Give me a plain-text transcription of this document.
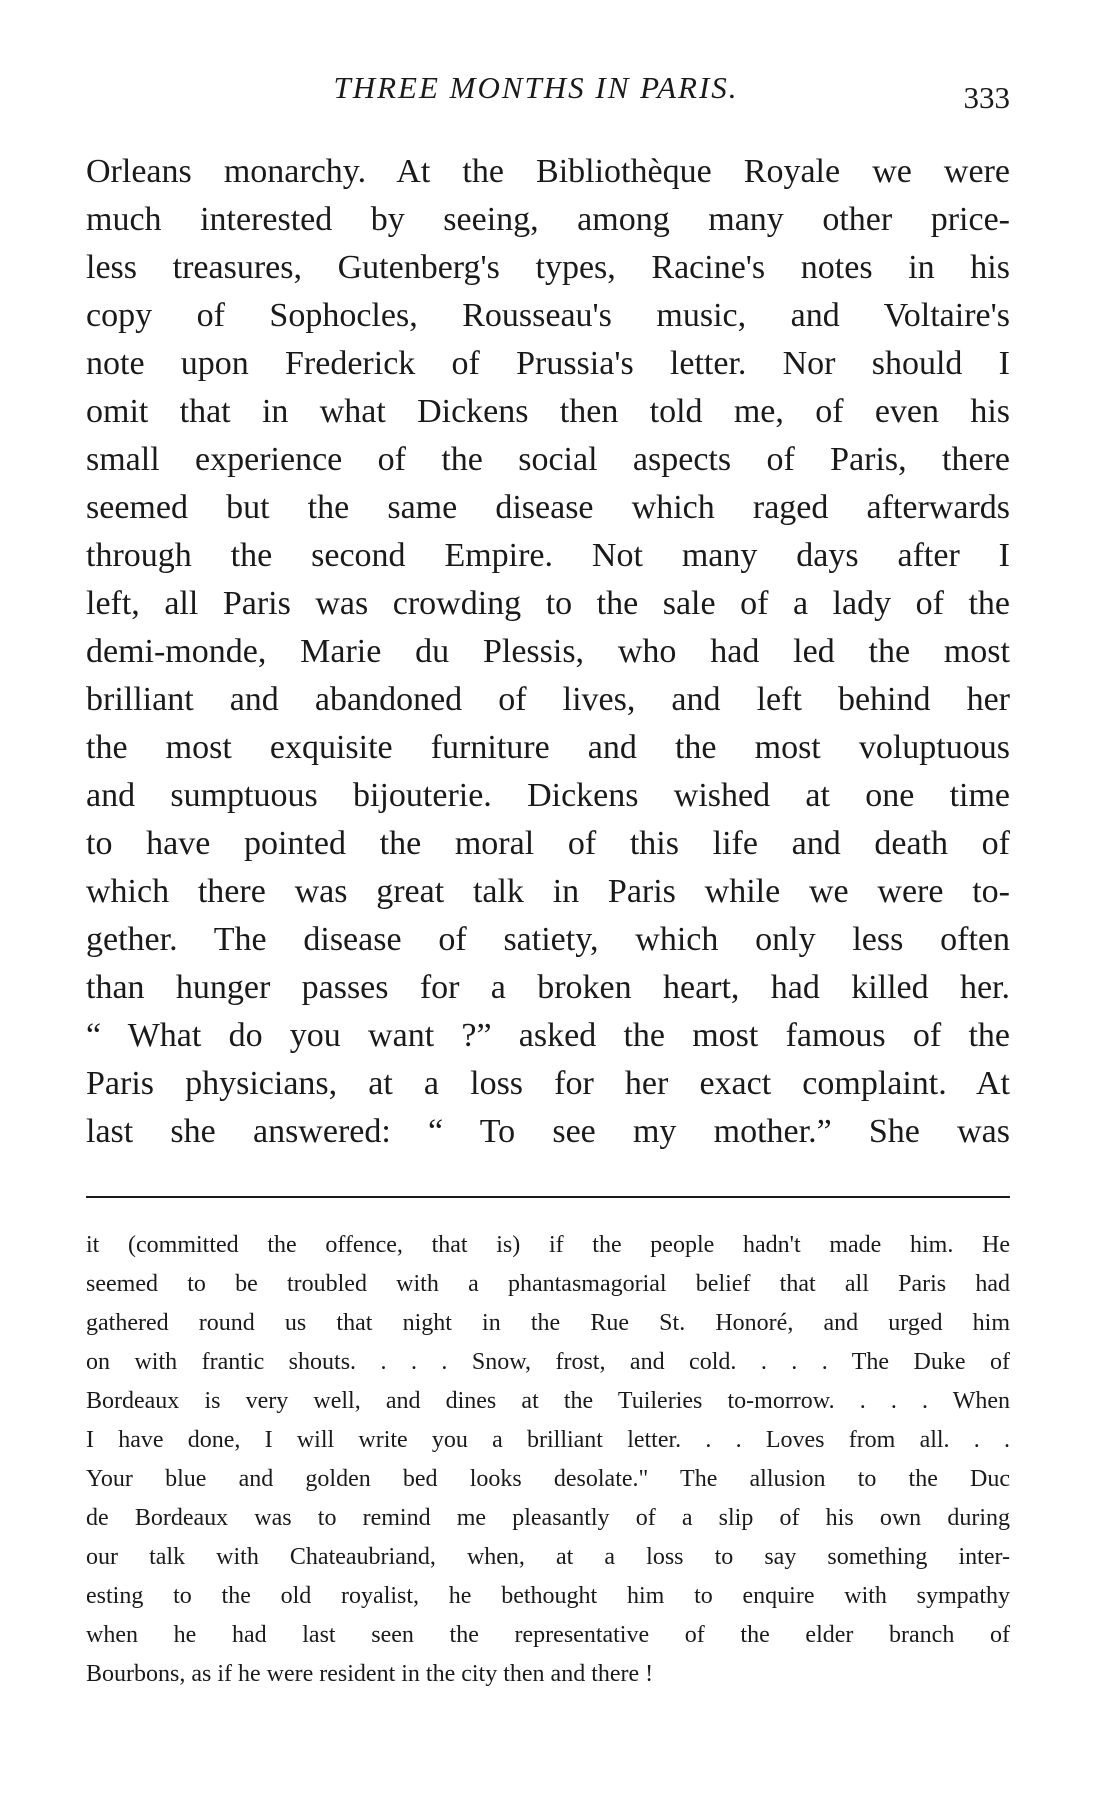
THREE MONTHS IN PARIS.	333
Orleans monarchy. At the Bibliothèque Royale we were
much interested by seeing, among many other price-
less treasures, Gutenberg's types, Racine's notes in his
copy of Sophocles, Rousseau's music, and Voltaire's
note upon Frederick of Prussia's letter. Nor should I
omit that in what Dickens then told me, of even his
small experience of the social aspects of Paris, there
seemed but the same disease which raged afterwards
through the second Empire. Not many days after I
left, all Paris was crowding to the sale of a lady of the
demi-monde, Marie du Plessis, who had led the most
brilliant and abandoned of lives, and left behind her
the most exquisite furniture and the most voluptuous
and sumptuous bijouterie. Dickens wished at one time
to have pointed the moral of this life and death of
which there was great talk in Paris while we were to-
gether. The disease of satiety, which only less often
than hunger passes for a broken heart, had killed her.
“ What do you want ?” asked the most famous of the
Paris physicians, at a loss for her exact complaint. At
last she answered: “ To see my mother.” She was
it (committed the offence, that is) if the people hadn't made him. He
seemed to be troubled with a phantasmagorial belief that all Paris had
gathered round us that night in the Rue St. Honoré, and urged him
on with frantic shouts. . . . Snow, frost, and cold. . . . The Duke of
Bordeaux is very well, and dines at the Tuileries to-morrow. . . . When
I have done, I will write you a brilliant letter. . . Loves from all. . .
Your blue and golden bed looks desolate." The allusion to the Duc
de Bordeaux was to remind me pleasantly of a slip of his own during
our talk with Chateaubriand, when, at a loss to say something inter-
esting to the old royalist, he bethought him to enquire with sympathy
when he had last seen the representative of the elder branch of
Bourbons, as if he were resident in the city then and there !
